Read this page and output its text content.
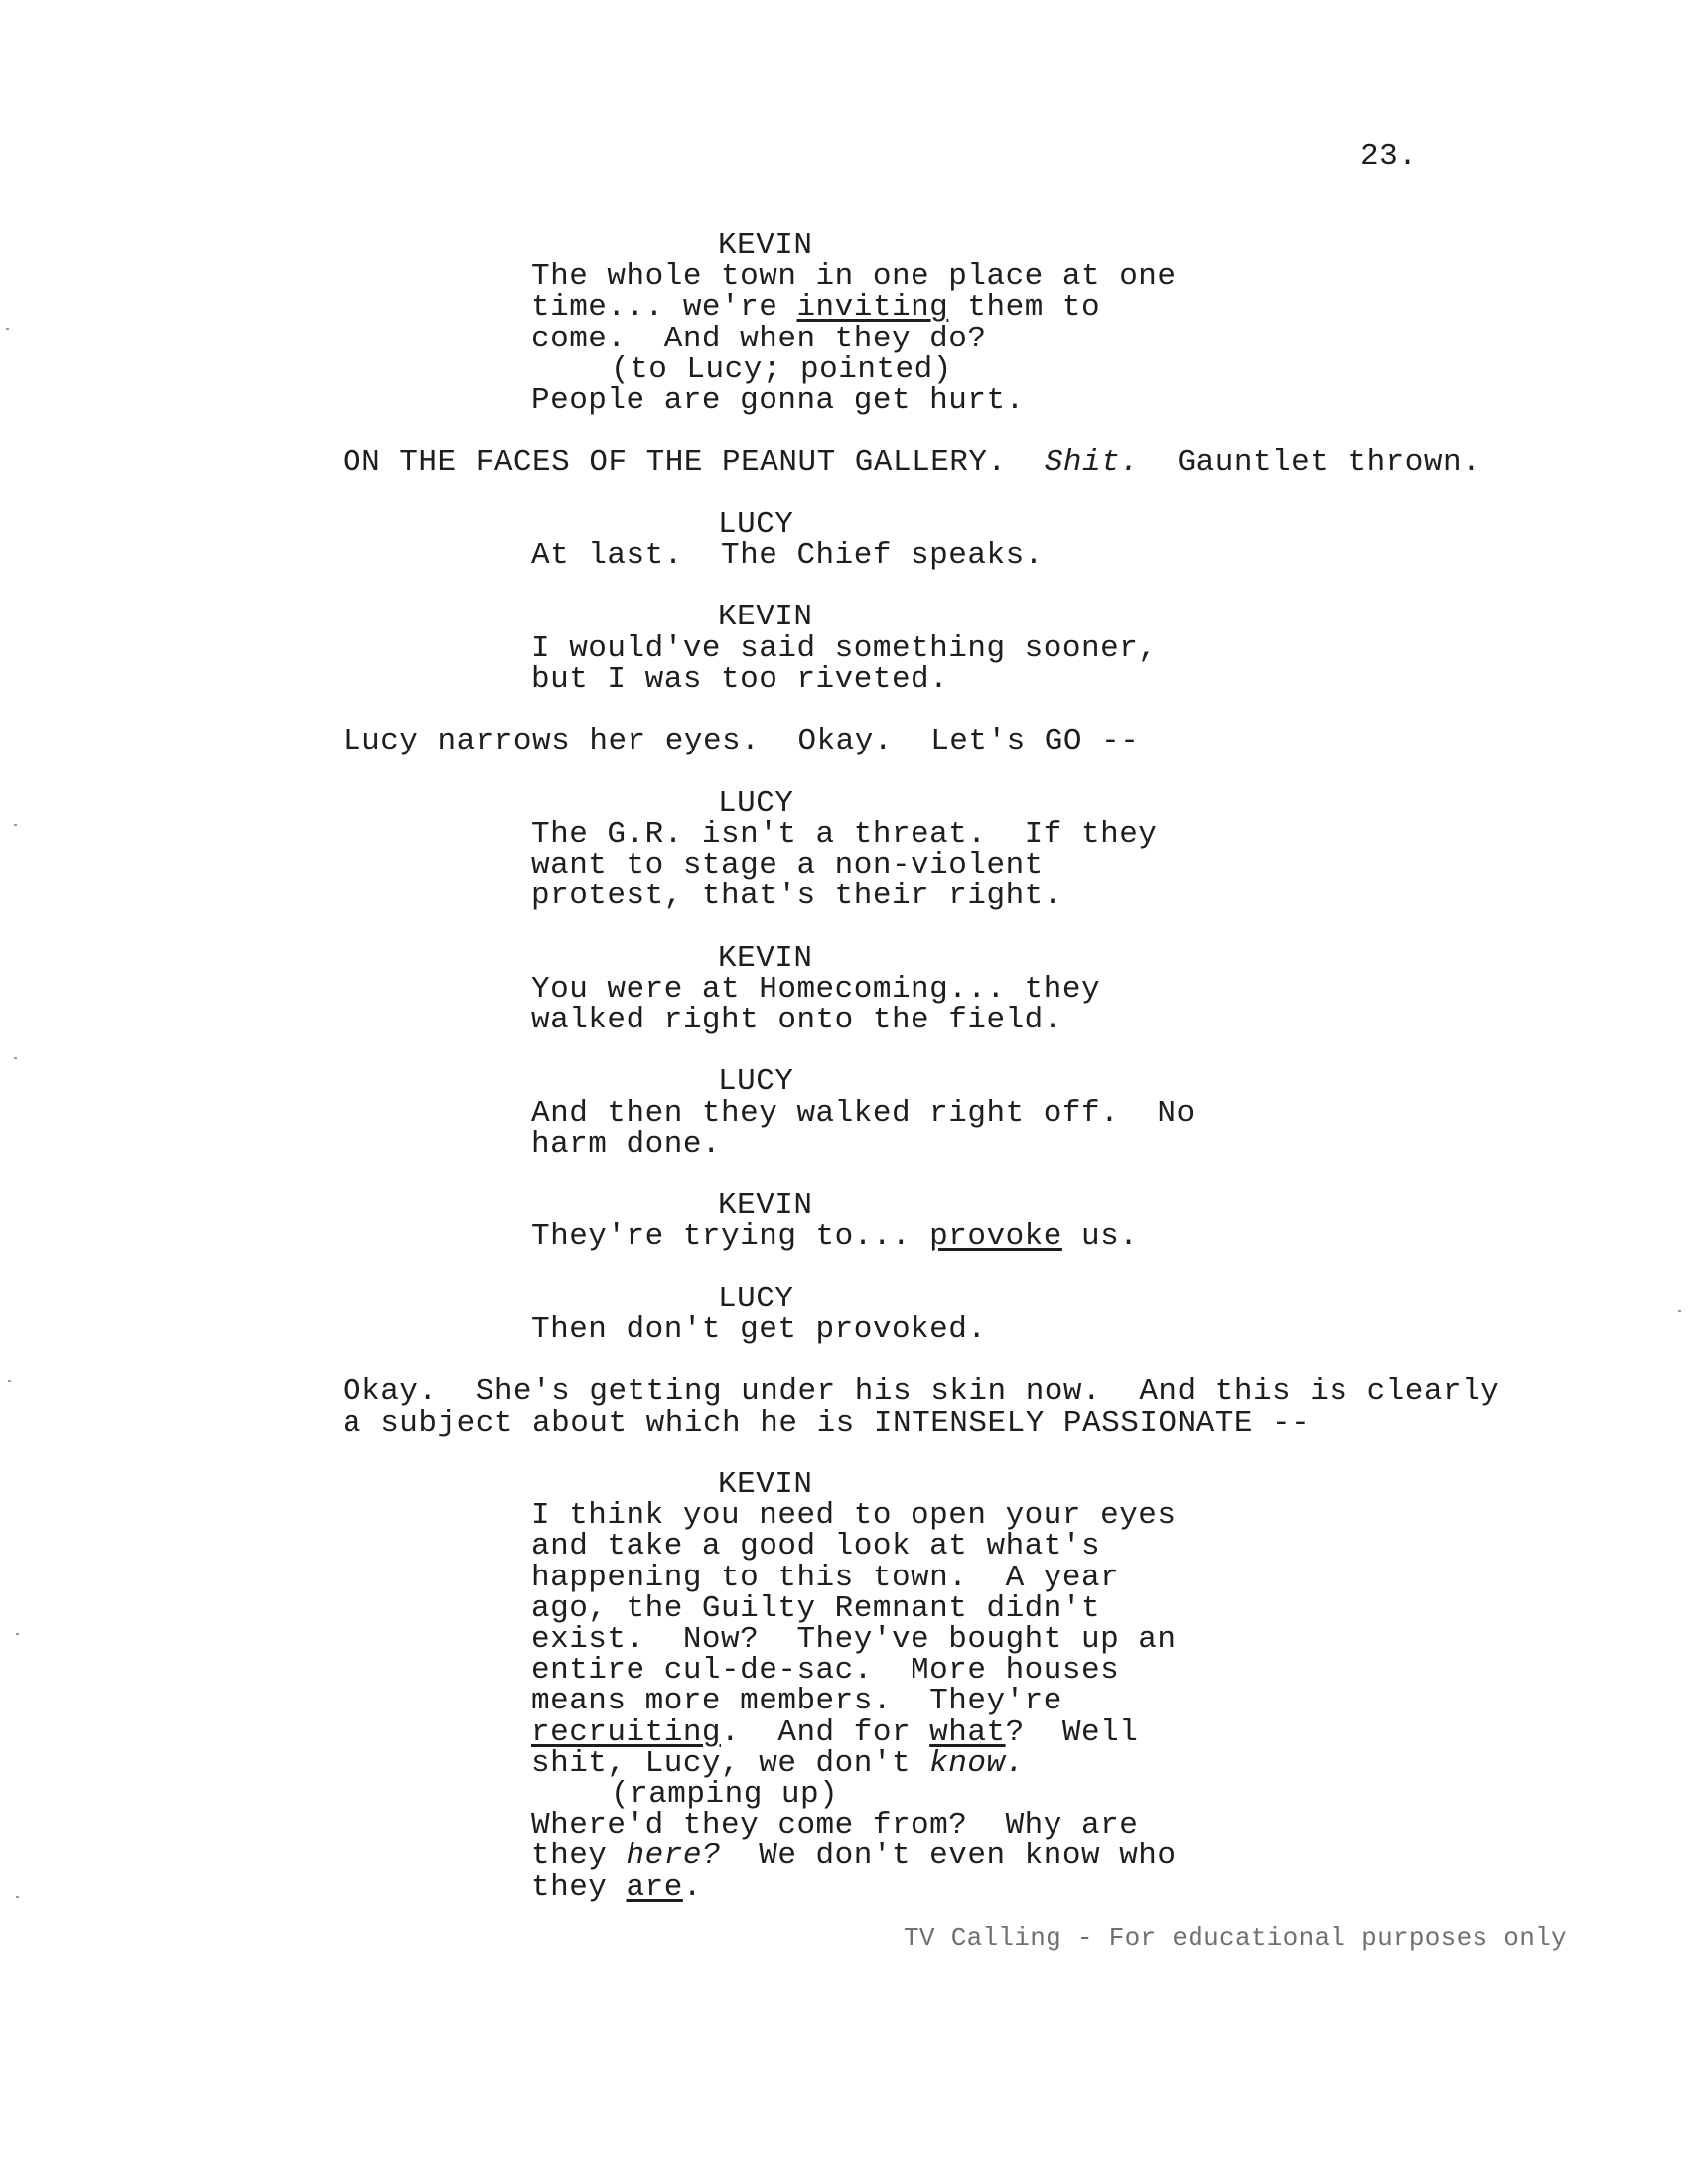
23.
KEVIN
The whole town in one place at one
time... we're inviting them to
come.  And when they do?
(to Lucy; pointed)
People are gonna get hurt.
ON THE FACES OF THE PEANUT GALLERY.  Shit.  Gauntlet thrown.
LUCY
At last.  The Chief speaks.
KEVIN
I would've said something sooner,
but I was too riveted.
Lucy narrows her eyes.  Okay.  Let's GO --
LUCY
The G.R. isn't a threat.  If they
want to stage a non-violent
protest, that's their right.
KEVIN
You were at Homecoming... they
walked right onto the field.
LUCY
And then they walked right off.  No
harm done.
KEVIN
They're trying to... provoke us.
LUCY
Then don't get provoked.
Okay.  She's getting under his skin now.  And this is clearly
a subject about which he is INTENSELY PASSIONATE --
KEVIN
I think you need to open your eyes
and take a good look at what's
happening to this town.  A year
ago, the Guilty Remnant didn't
exist.  Now?  They've bought up an
entire cul-de-sac.  More houses
means more members.  They're
recruiting.  And for what?  Well
shit, Lucy, we don't know.
(ramping up)
Where'd they come from?  Why are
they here?  We don't even know who
they are.
TV Calling - For educational purposes only
